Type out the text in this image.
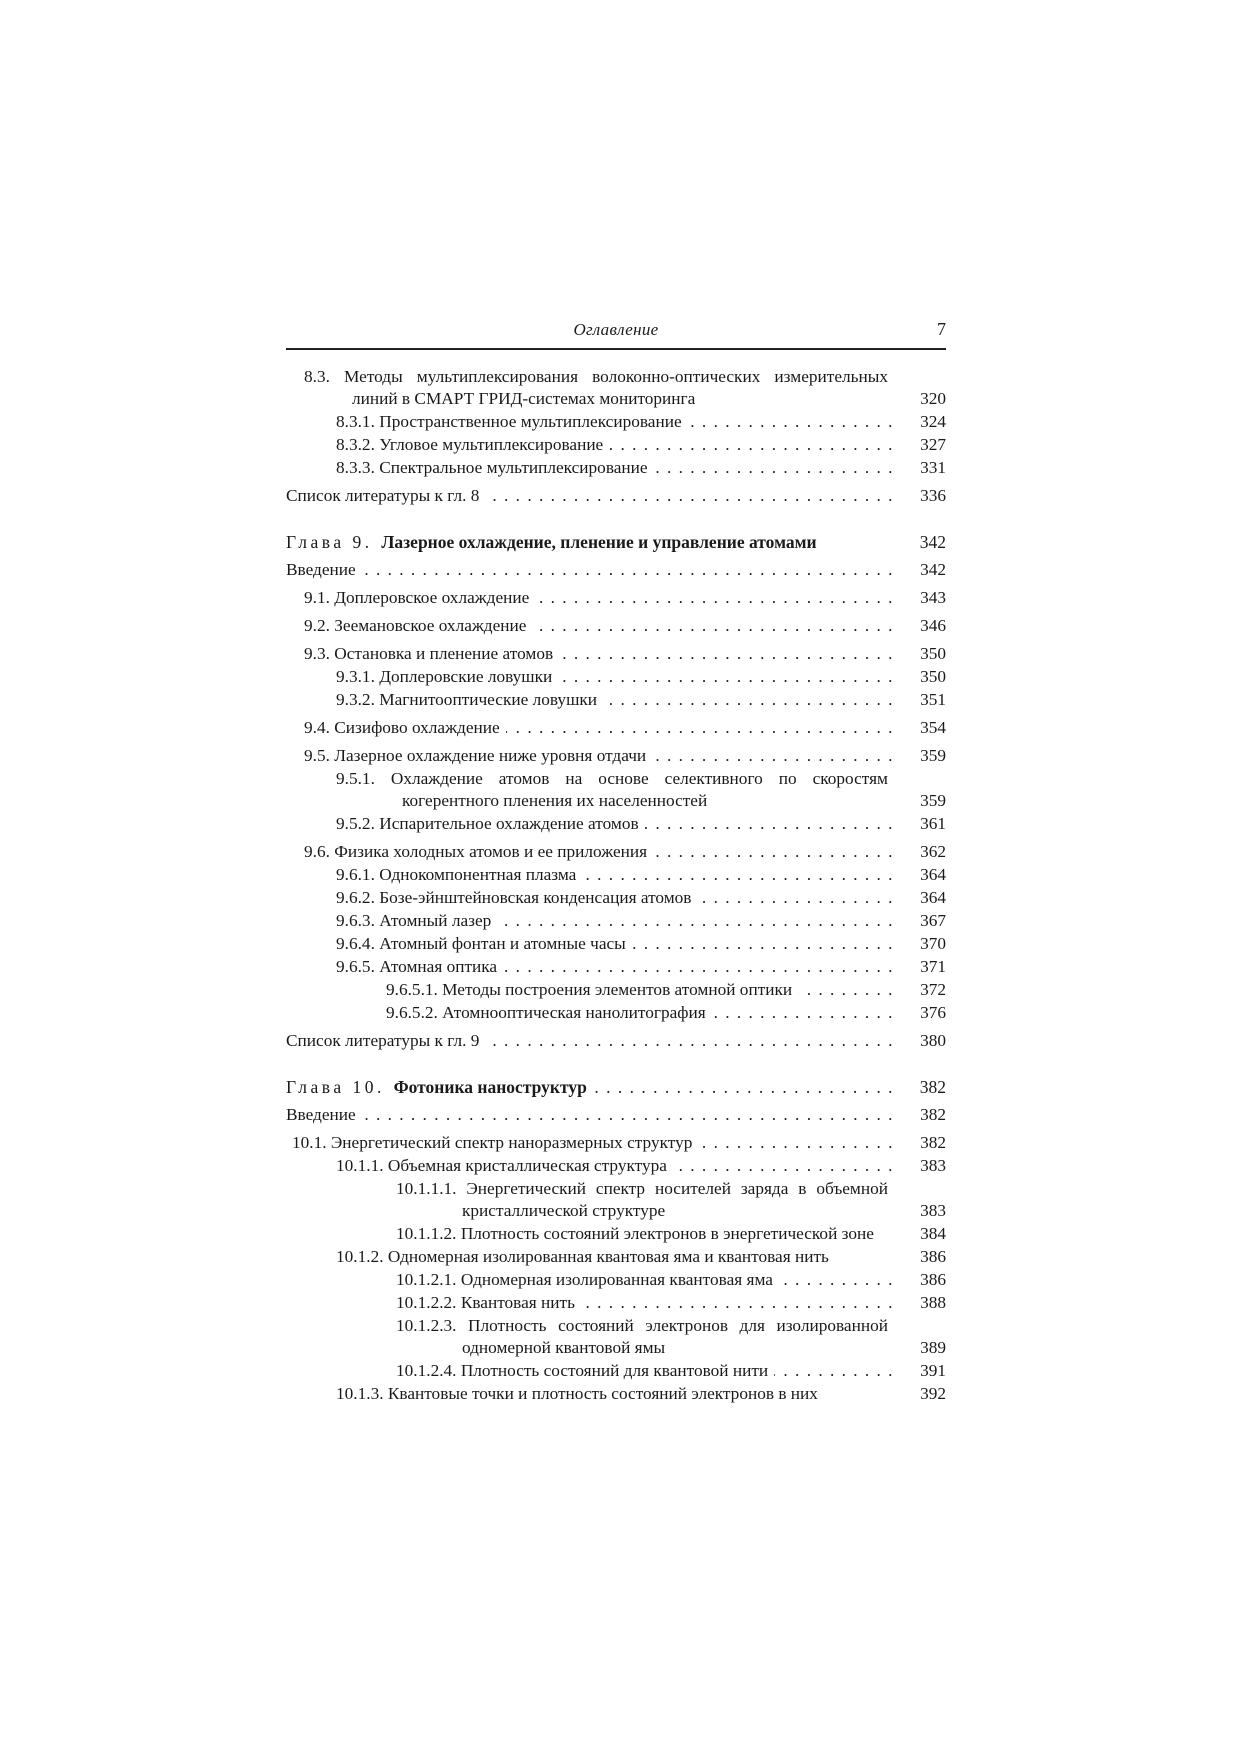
Оглавление	7
8.3. Методы мультиплексирования волоконно-оптических измерительных линий в СМАРТ ГРИД-системах мониторинга
. . .	320
8.3.1. Пространственное мультиплексирование . . .	324
8.3.2. Угловое мультиплексирование . . .	327
8.3.3. Спектральное мультиплексирование . . .	331
Список литературы к гл. 8 . . .	336
Глава 9. Лазерное охлаждение, пленение и управление атомами	342
Введение . . .	342
9.1. Доплеровское охлаждение . . .	343
9.2. Зеемановское охлаждение . . .	346
9.3. Остановка и пленение атомов . . .	350
9.3.1. Доплеровские ловушки . . .	350
9.3.2. Магнитооптические ловушки . . .	351
9.4. Сизифово охлаждение . . .	354
9.5. Лазерное охлаждение ниже уровня отдачи . . .	359
9.5.1. Охлаждение атомов на основе селективного по скоростям когерентного пленения их населенностей
. . .	359
9.5.2. Испарительное охлаждение атомов . . .	361
9.6. Физика холодных атомов и ее приложения . . .	362
9.6.1. Однокомпонентная плазма . . .	364
9.6.2. Бозе-эйнштейновская конденсация атомов . . .	364
9.6.3. Атомный лазер . . .	367
9.6.4. Атомный фонтан и атомные часы . . .	370
9.6.5. Атомная оптика . . .	371
9.6.5.1. Методы построения элементов атомной оптики . . .	372
9.6.5.2. Атомнооптическая нанолитография . . .	376
Список литературы к гл. 9 . . .	380
Глава 10. Фотоника наноструктур . . .	382
Введение . . .	382
10.1. Энергетический спектр наноразмерных структур . . .	382
10.1.1. Объемная кристаллическая структура . . .	383
10.1.1.1. Энергетический спектр носителей заряда в объемной кристаллической структуре
. . .	383
10.1.1.2. Плотность состояний электронов в энергетической зоне
. . .	384
10.1.2. Одномерная изолированная квантовая яма и квантовая нить	386
10.1.2.1. Одномерная изолированная квантовая яма . . .	386
10.1.2.2. Квантовая нить . . .	388
10.1.2.3. Плотность состояний электронов для изолированной одномерной квантовой ямы
. . .	389
10.1.2.4. Плотность состояний для квантовой нити . . .	391
10.1.3. Квантовые точки и плотность состояний электронов в них	392
